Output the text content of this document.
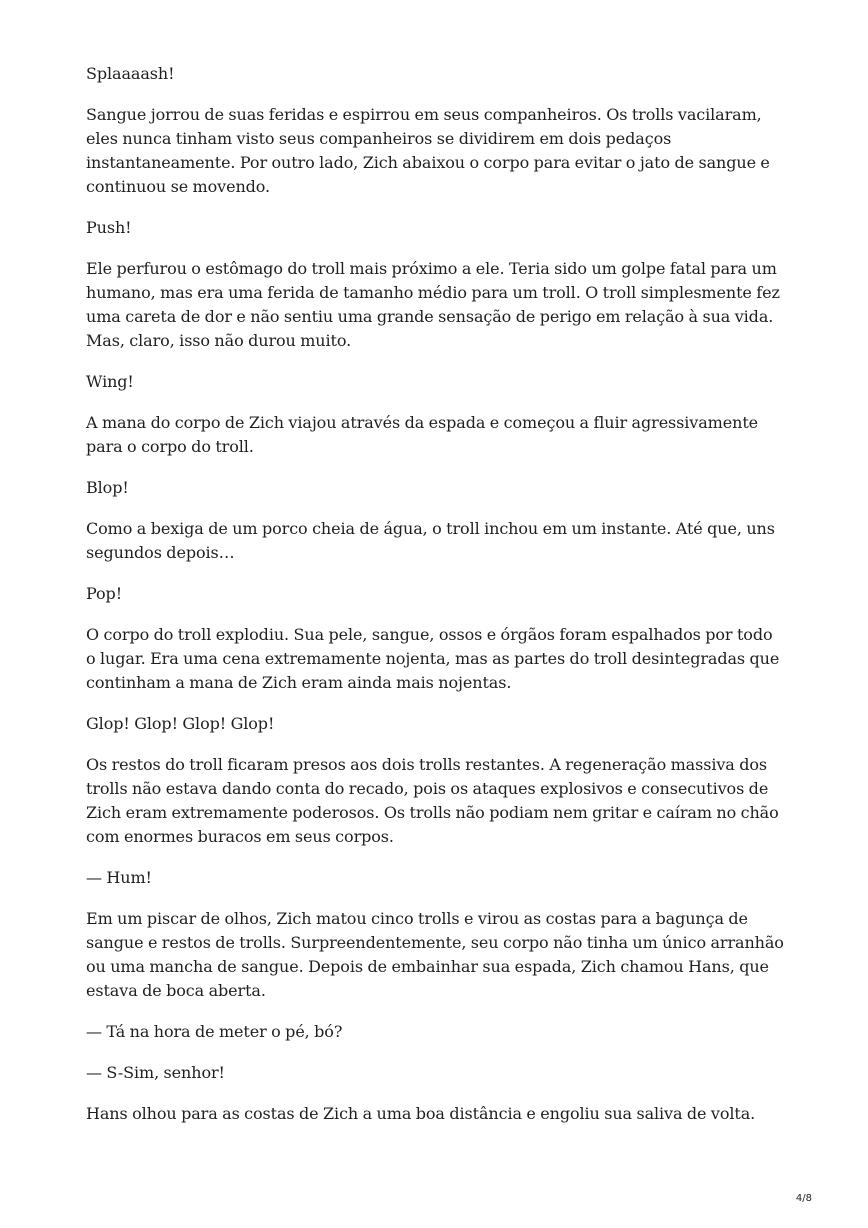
Splaaaash!

Sangue jorrou de suas feridas e espirrou em seus companheiros. Os trolls vacilaram, eles nunca tinham visto seus companheiros se dividirem em dois pedaços instantaneamente. Por outro lado, Zich abaixou o corpo para evitar o jato de sangue e continuou se movendo.

Push!

Ele perfurou o estômago do troll mais próximo a ele. Teria sido um golpe fatal para um humano, mas era uma ferida de tamanho médio para um troll. O troll simplesmente fez uma careta de dor e não sentiu uma grande sensação de perigo em relação à sua vida. Mas, claro, isso não durou muito.

Wing!

A mana do corpo de Zich viajou através da espada e começou a fluir agressivamente para o corpo do troll.

Blop!

Como a bexiga de um porco cheia de água, o troll inchou em um instante. Até que, uns segundos depois…

Pop!

O corpo do troll explodiu. Sua pele, sangue, ossos e órgãos foram espalhados por todo o lugar. Era uma cena extremamente nojenta, mas as partes do troll desintegradas que continham a mana de Zich eram ainda mais nojentas.

Glop! Glop! Glop! Glop!

Os restos do troll ficaram presos aos dois trolls restantes. A regeneração massiva dos trolls não estava dando conta do recado, pois os ataques explosivos e consecutivos de Zich eram extremamente poderosos. Os trolls não podiam nem gritar e caíram no chão com enormes buracos em seus corpos.

— Hum!

Em um piscar de olhos, Zich matou cinco trolls e virou as costas para a bagunça de sangue e restos de trolls. Surpreendentemente, seu corpo não tinha um único arranhão ou uma mancha de sangue. Depois de embainhar sua espada, Zich chamou Hans, que estava de boca aberta.

— Tá na hora de meter o pé, bó?

— S-Sim, senhor!

Hans olhou para as costas de Zich a uma boa distância e engoliu sua saliva de volta.

4/8
